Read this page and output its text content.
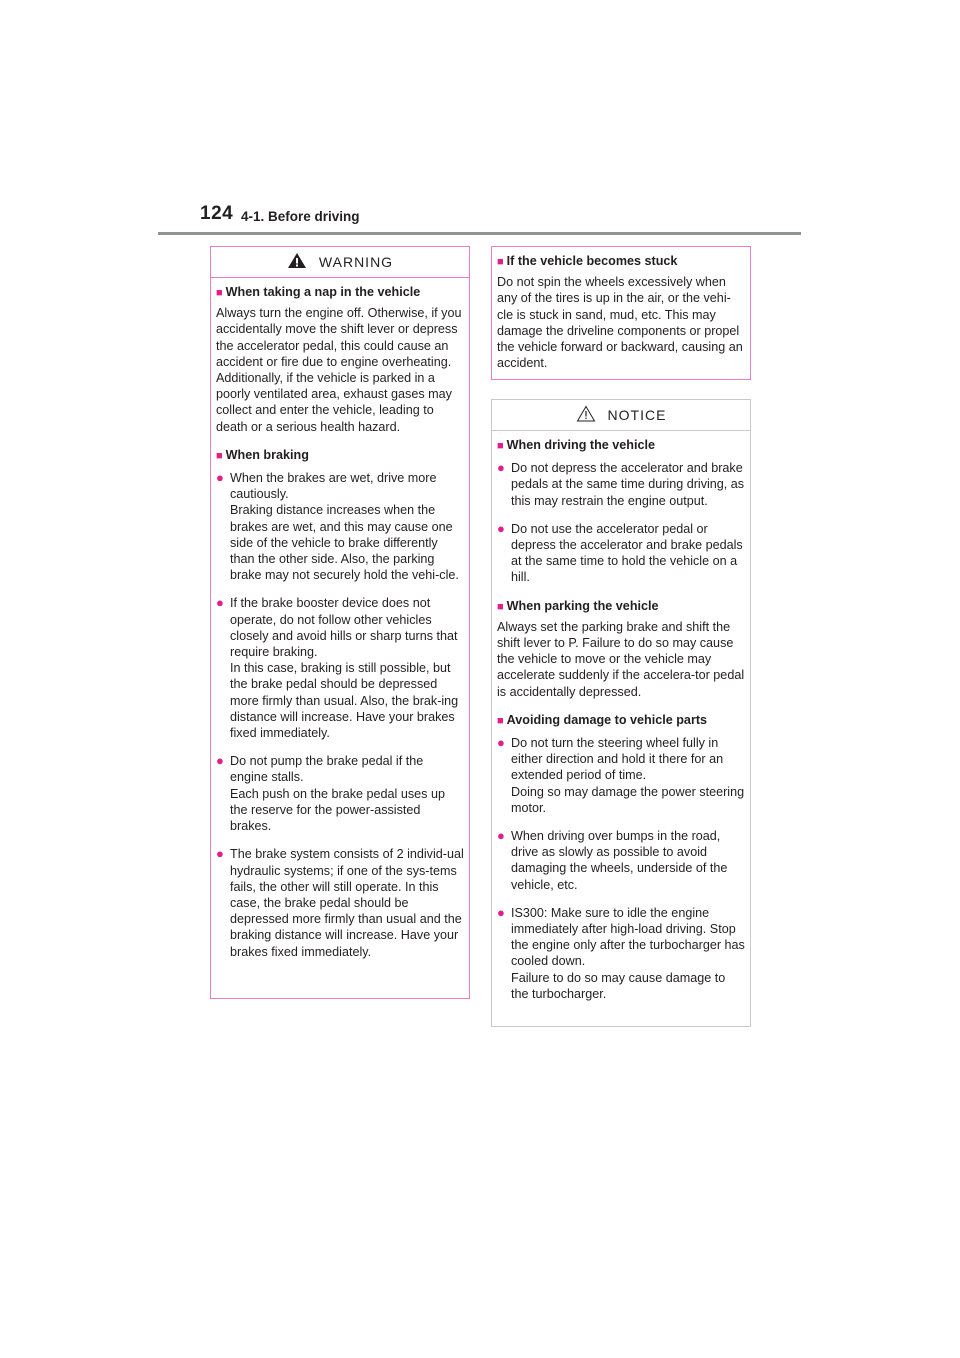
124 4-1. Before driving
WARNING
■ When taking a nap in the vehicle
Always turn the engine off. Otherwise, if you accidentally move the shift lever or depress the accelerator pedal, this could cause an accident or fire due to engine overheating. Additionally, if the vehicle is parked in a poorly ventilated area, exhaust gases may collect and enter the vehicle, leading to death or a serious health hazard.
■ When braking
● When the brakes are wet, drive more cautiously.
Braking distance increases when the brakes are wet, and this may cause one side of the vehicle to brake differently than the other side. Also, the parking brake may not securely hold the vehi-cle.
● If the brake booster device does not operate, do not follow other vehicles closely and avoid hills or sharp turns that require braking.
In this case, braking is still possible, but the brake pedal should be depressed more firmly than usual. Also, the brak-ing distance will increase. Have your brakes fixed immediately.
● Do not pump the brake pedal if the engine stalls.
Each push on the brake pedal uses up the reserve for the power-assisted brakes.
● The brake system consists of 2 individ-ual hydraulic systems; if one of the sys-tems fails, the other will still operate. In this case, the brake pedal should be depressed more firmly than usual and the braking distance will increase. Have your brakes fixed immediately.
■ If the vehicle becomes stuck
Do not spin the wheels excessively when any of the tires is up in the air, or the vehi-cle is stuck in sand, mud, etc. This may damage the driveline components or propel the vehicle forward or backward, causing an accident.
NOTICE
■ When driving the vehicle
● Do not depress the accelerator and brake pedals at the same time during driving, as this may restrain the engine output.
● Do not use the accelerator pedal or depress the accelerator and brake pedals at the same time to hold the vehicle on a hill.
■ When parking the vehicle
Always set the parking brake and shift the shift lever to P. Failure to do so may cause the vehicle to move or the vehicle may accelerate suddenly if the accelera-tor pedal is accidentally depressed.
■ Avoiding damage to vehicle parts
● Do not turn the steering wheel fully in either direction and hold it there for an extended period of time.
Doing so may damage the power steering motor.
● When driving over bumps in the road, drive as slowly as possible to avoid damaging the wheels, underside of the vehicle, etc.
● IS300: Make sure to idle the engine immediately after high-load driving. Stop the engine only after the turbocharger has cooled down.
Failure to do so may cause damage to the turbocharger.
